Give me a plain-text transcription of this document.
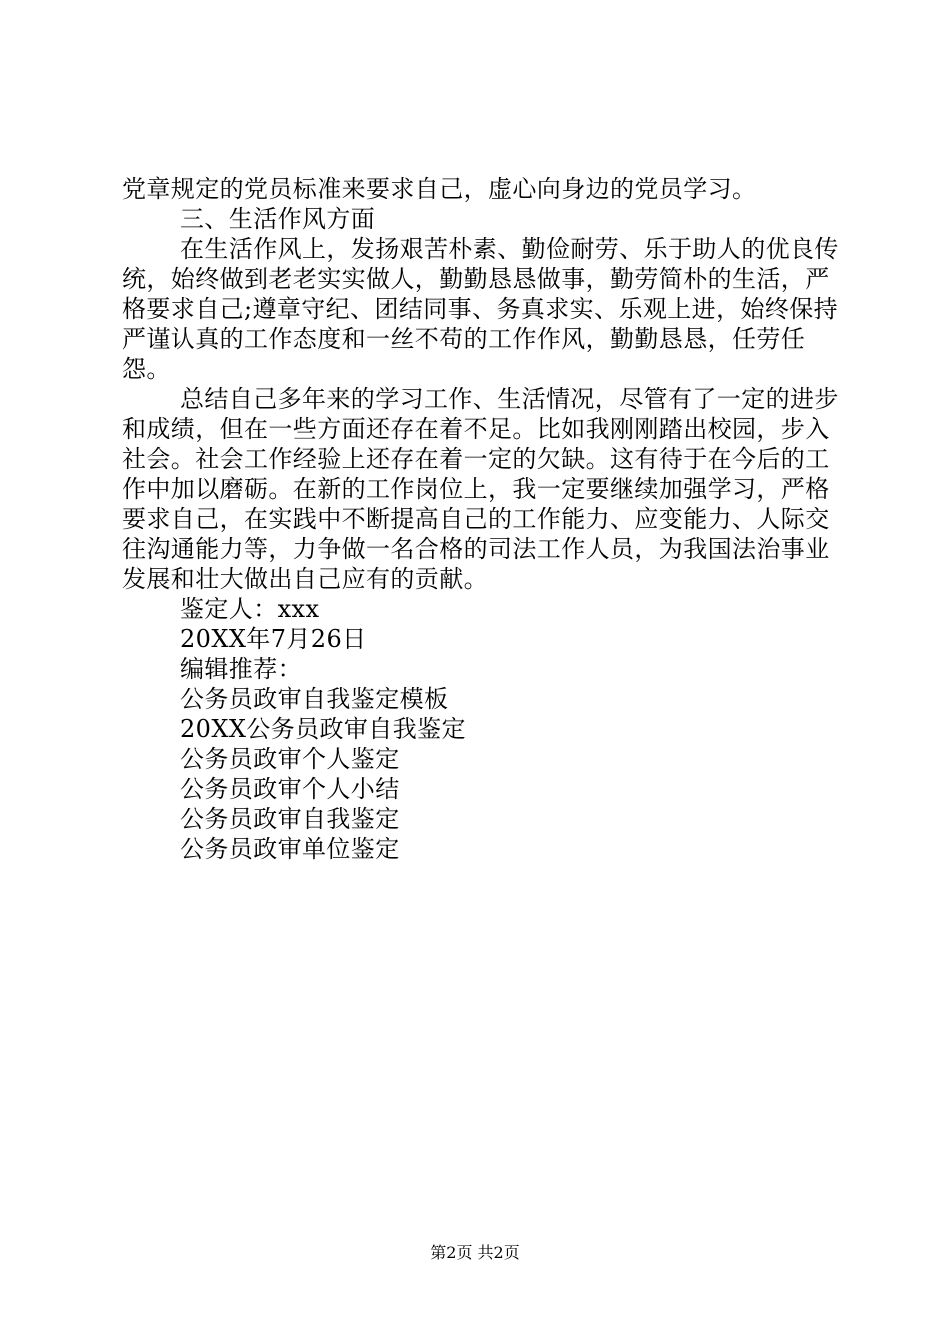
党章规定的党员标准来要求自己，虚心向身边的党员学习。

三、生活作风方面

在生活作风上，发扬艰苦朴素、勤俭耐劳、乐于助人的优良传统，始终做到老老实实做人，勤勤恳恳做事，勤劳简朴的生活，严格要求自己;遵章守纪、团结同事、务真求实、乐观上进，始终保持严谨认真的工作态度和一丝不苟的工作作风，勤勤恳恳，任劳任怨。

总结自己多年来的学习工作、生活情况，尽管有了一定的进步和成绩，但在一些方面还存在着不足。比如我刚刚踏出校园，步入社会。社会工作经验上还存在着一定的欠缺。这有待于在今后的工作中加以磨砺。在新的工作岗位上，我一定要继续加强学习，严格要求自己，在实践中不断提高自己的工作能力、应变能力、人际交往沟通能力等，力争做一名合格的司法工作人员，为我国法治事业发展和壮大做出自己应有的贡献。

鉴定人：xxx

20XX年7月26日

编辑推荐：

公务员政审自我鉴定模板

20XX公务员政审自我鉴定

公务员政审个人鉴定

公务员政审个人小结

公务员政审自我鉴定

公务员政审单位鉴定

第2页 共2页
